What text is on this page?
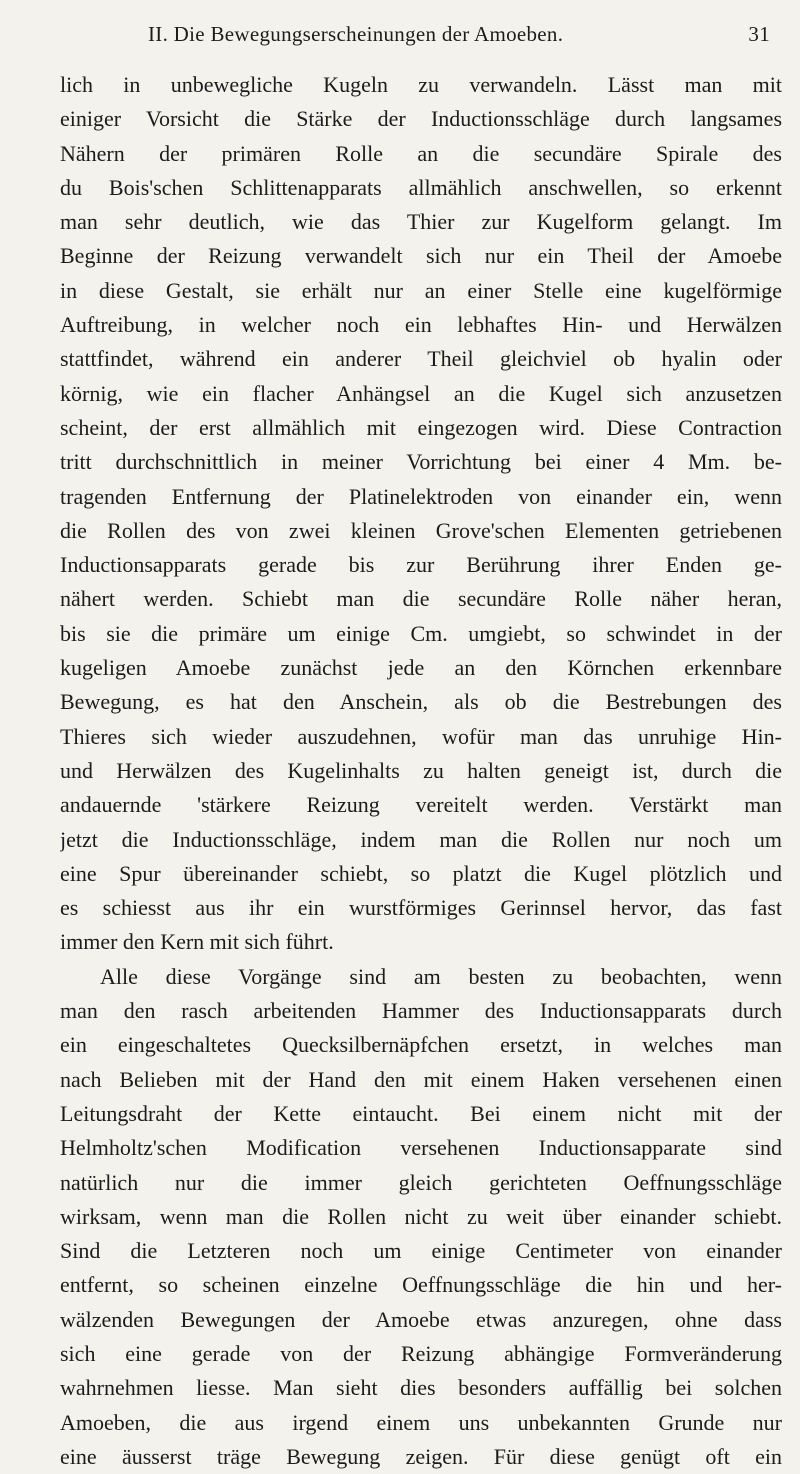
II. Die Bewegungserscheinungen der Amoeben.	31
lich in unbewegliche Kugeln zu verwandeln. Lässt man mit
einiger Vorsicht die Stärke der Inductionsschläge durch langsames
Nähern der primären Rolle an die secundäre Spirale des
du Bois'schen Schlittenapparats allmählich anschwellen, so erkennt
man sehr deutlich, wie das Thier zur Kugelform gelangt. Im
Beginne der Reizung verwandelt sich nur ein Theil der Amoebe
in diese Gestalt, sie erhält nur an einer Stelle eine kugelförmige
Auftreibung, in welcher noch ein lebhaftes Hin- und Herwälzen
stattfindet, während ein anderer Theil gleichviel ob hyalin oder
körnig, wie ein flacher Anhängsel an die Kugel sich anzusetzen
scheint, der erst allmählich mit eingezogen wird. Diese Contraction
tritt durchschnittlich in meiner Vorrichtung bei einer 4 Mm. be-
tragenden Entfernung der Platinelektroden von einander ein, wenn
die Rollen des von zwei kleinen Grove'schen Elementen getriebenen
Inductionsapparats gerade bis zur Berührung ihrer Enden ge-
nähert werden. Schiebt man die secundäre Rolle näher heran,
bis sie die primäre um einige Cm. umgiebt, so schwindet in der
kugeligen Amoebe zunächst jede an den Körnchen erkennbare
Bewegung, es hat den Anschein, als ob die Bestrebungen des
Thieres sich wieder auszudehnen, wofür man das unruhige Hin-
und Herwälzen des Kugelinhalts zu halten geneigt ist, durch die
andauernde 'stärkere Reizung vereitelt werden. Verstärkt man
jetzt die Inductionsschläge, indem man die Rollen nur noch um
eine Spur übereinander schiebt, so platzt die Kugel plötzlich und
es schiesst aus ihr ein wurstförmiges Gerinnsel hervor, das fast
immer den Kern mit sich führt.
Alle diese Vorgänge sind am besten zu beobachten, wenn
man den rasch arbeitenden Hammer des Inductionsapparats durch
ein eingeschaltetes Quecksilbernäpfchen ersetzt, in welches man
nach Belieben mit der Hand den mit einem Haken versehenen einen
Leitungsdraht der Kette eintaucht. Bei einem nicht mit der
Helmholtz'schen Modification versehenen Inductionsapparate sind
natürlich nur die immer gleich gerichteten Oeffnungsschläge
wirksam, wenn man die Rollen nicht zu weit über einander schiebt.
Sind die Letzteren noch um einige Centimeter von einander
entfernt, so scheinen einzelne Oeffnungsschläge die hin und her-
wälzenden Bewegungen der Amoebe etwas anzuregen, ohne dass
sich eine gerade von der Reizung abhängige Formveränderung
wahrnehmen liesse. Man sieht dies besonders auffällig bei solchen
Amoeben, die aus irgend einem uns unbekannten Grunde nur
eine äusserst träge Bewegung zeigen. Für diese genügt oft ein
